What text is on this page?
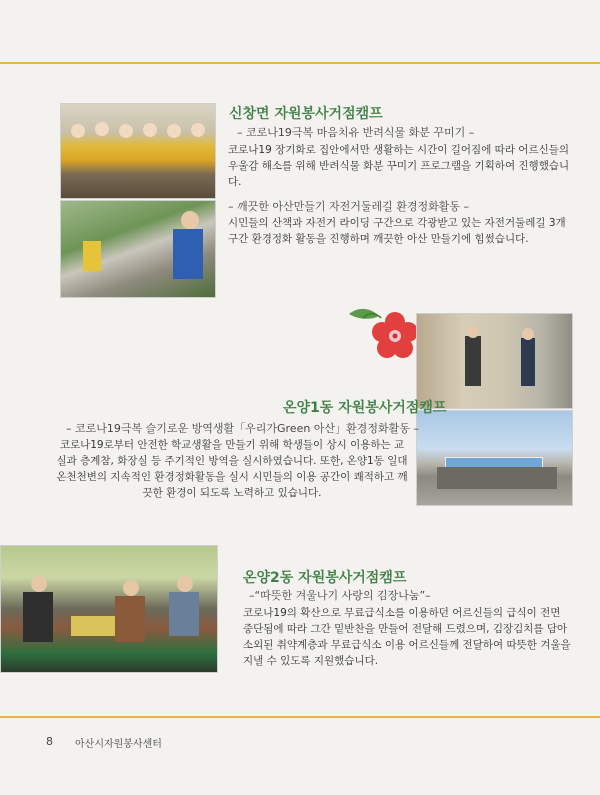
신창면 자원봉사거점캠프

– 코로나19극복 마음치유 반려식물 화분 꾸미기 –

코로나19 장기화로 집안에서만 생활하는 시간이 길어짐에 따라 어르신들의 우울감 해소를 위해 반려식물 화분 꾸미기 프로그램을 기획하여 진행했습니다.

– 깨끗한 아산만들기 자전거둘레길 환경정화활동 –

시민들의 산책과 자전거 라이딩 구간으로 각광받고 있는 자전거둘레길 3개구간 환경정화 활동을 진행하며 깨끗한 아산 만들기에 힘썼습니다.

온양1동 자원봉사거점캠프

– 코로나19극복 슬기로운 방역생활「우리가Green 아산」환경정화활동 –

코로나19로부터 안전한 학교생활을 만들기 위해 학생들이 상시 이용하는 교실과 층계참, 화장실 등 주기적인 방역을 실시하였습니다. 또한, 온양1동 일대 온천천변의 지속적인 환경정화활동을 실시 시민들의 이용 공간이 쾌적하고 깨끗한 환경이 되도록 노력하고 있습니다.

온양2동 자원봉사거점캠프

–“따뜻한 겨울나기 사랑의 김장나눔”–

코로나19의 확산으로 무료급식소를 이용하던 어르신들의 급식이 전면 중단됨에 따라 그간 밑반찬을 만들어 전달해 드렸으며, 김장김치를 담아 소외된 취약계층과 무료급식소 이용 어르신들께 전달하여 따뜻한 겨울을 지낼 수 있도록 지원했습니다.

8 아산시자원봉사센터
